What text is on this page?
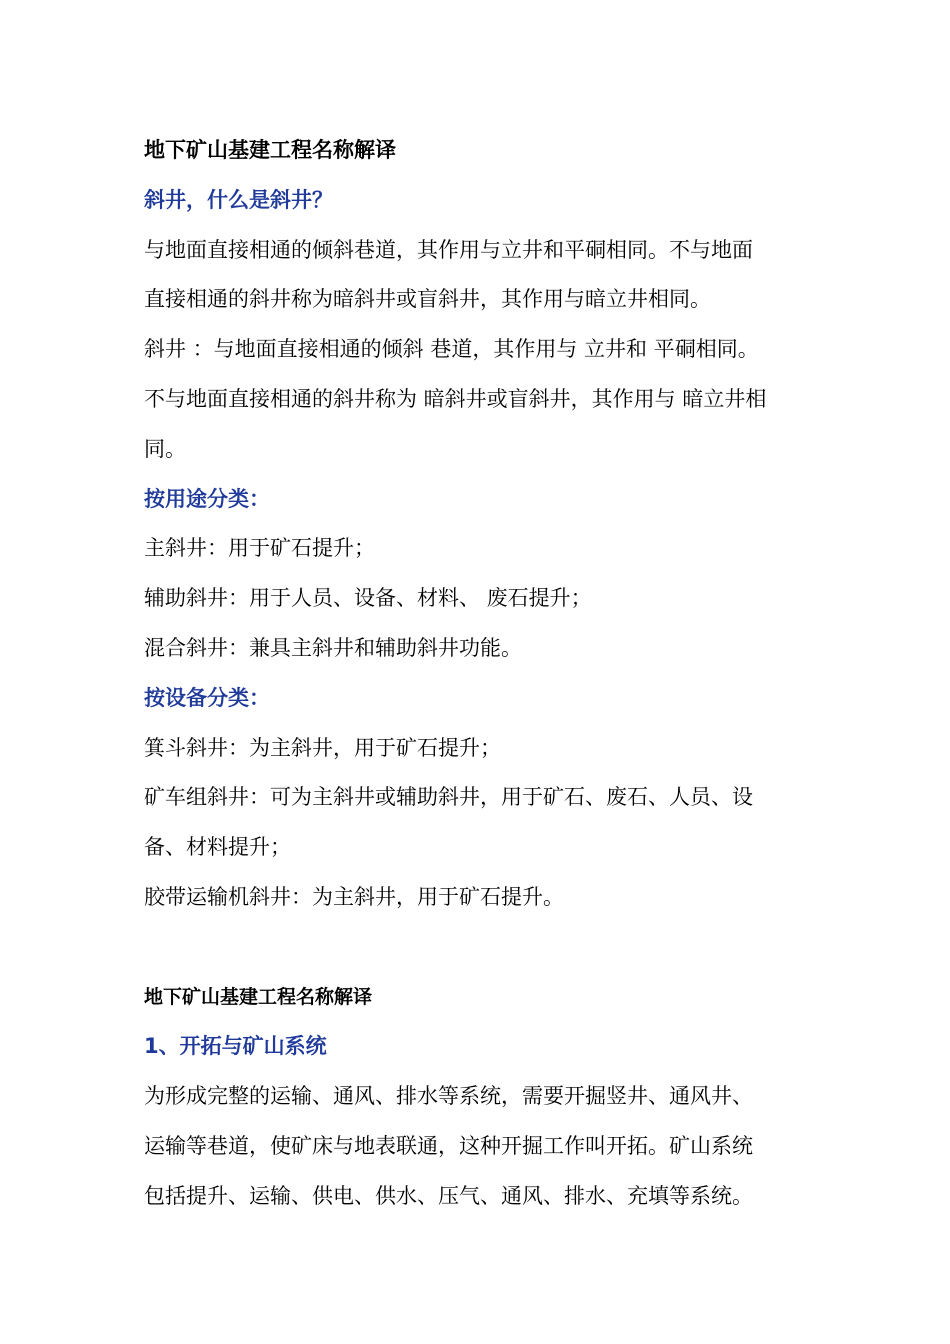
地下矿山基建工程名称解译
斜井，什么是斜井？
与地面直接相通的倾斜巷道，其作用与立井和平硐相同。不与地面
直接相通的斜井称为暗斜井或盲斜井，其作用与暗立井相同。
斜井 ：与地面直接相通的倾斜 巷道，其作用与 立井和 平硐相同。
不与地面直接相通的斜井称为 暗斜井或盲斜井，其作用与 暗立井相
同。
按用途分类：
主斜井：用于矿石提升；
辅助斜井：用于人员、设备、材料、 废石提升；
混合斜井：兼具主斜井和辅助斜井功能。
按设备分类：
箕斗斜井：为主斜井，用于矿石提升；
矿车组斜井：可为主斜井或辅助斜井，用于矿石、废石、人员、设
备、材料提升；
胶带运输机斜井：为主斜井，用于矿石提升。
地下矿山基建工程名称解译
1、开拓与矿山系统
为形成完整的运输、通风、排水等系统，需要开掘竖井、通风井、
运输等巷道，使矿床与地表联通，这种开掘工作叫开拓。矿山系统
包括提升、运输、供电、供水、压气、通风、排水、充填等系统。
